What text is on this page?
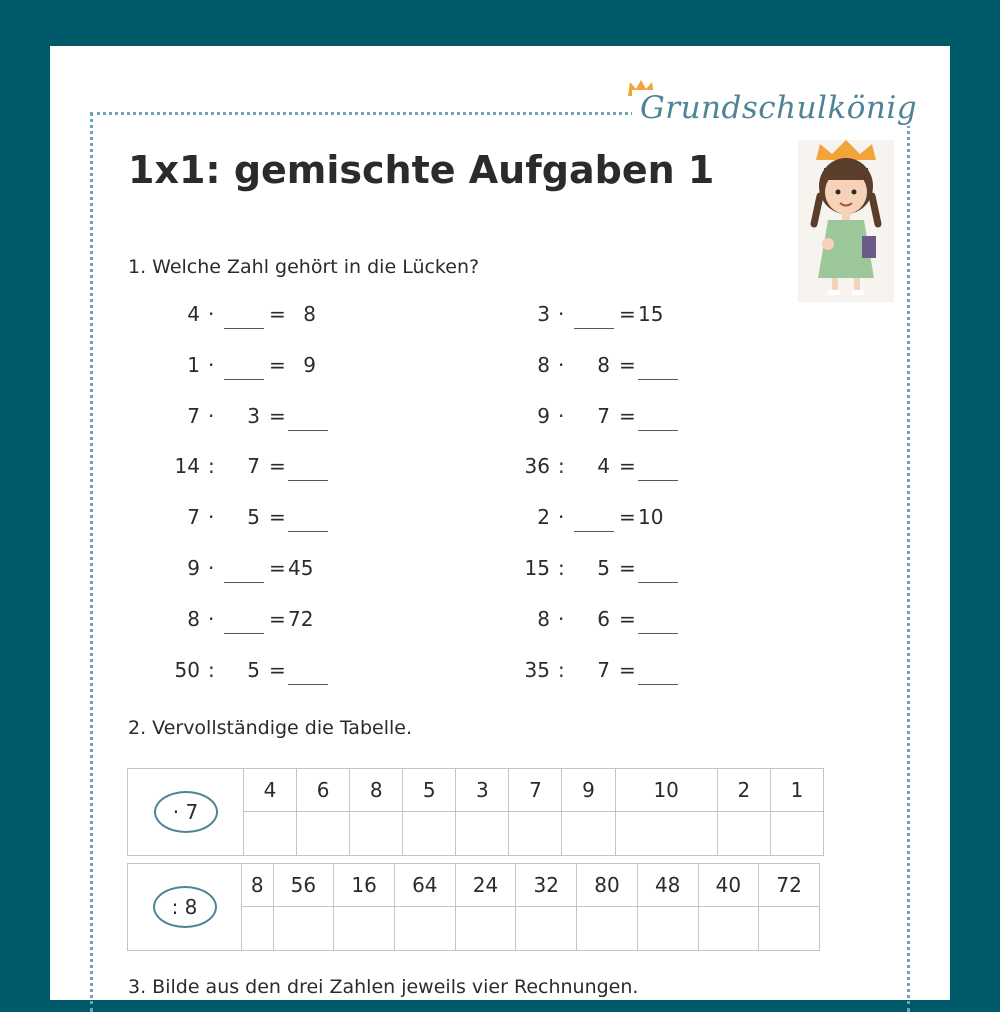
Grundschulkönig
1x1: gemischte Aufgaben 1
1. Welche Zahl gehört in die Lücken?
4 ·	= 8
1 ·	= 9
7 ·	3 =
14 :	7 =
7 ·	5 =
9 ·	= 45
8 ·	= 72
50 :	5 =
3 ·	= 15
8 ·	8 =
9 ·	7 =
36 :	4 =
2 ·	= 10
15 :	5 =
8 ·	6 =
35 :	7 =
2. Vervollständige die Tabelle.
· 7	4	6	8	5	3	7	9	10	2	1

: 8	8	56	16	64	24	32	80	48	40	72

3. Bilde aus den drei Zahlen jeweils vier Rechnungen.
